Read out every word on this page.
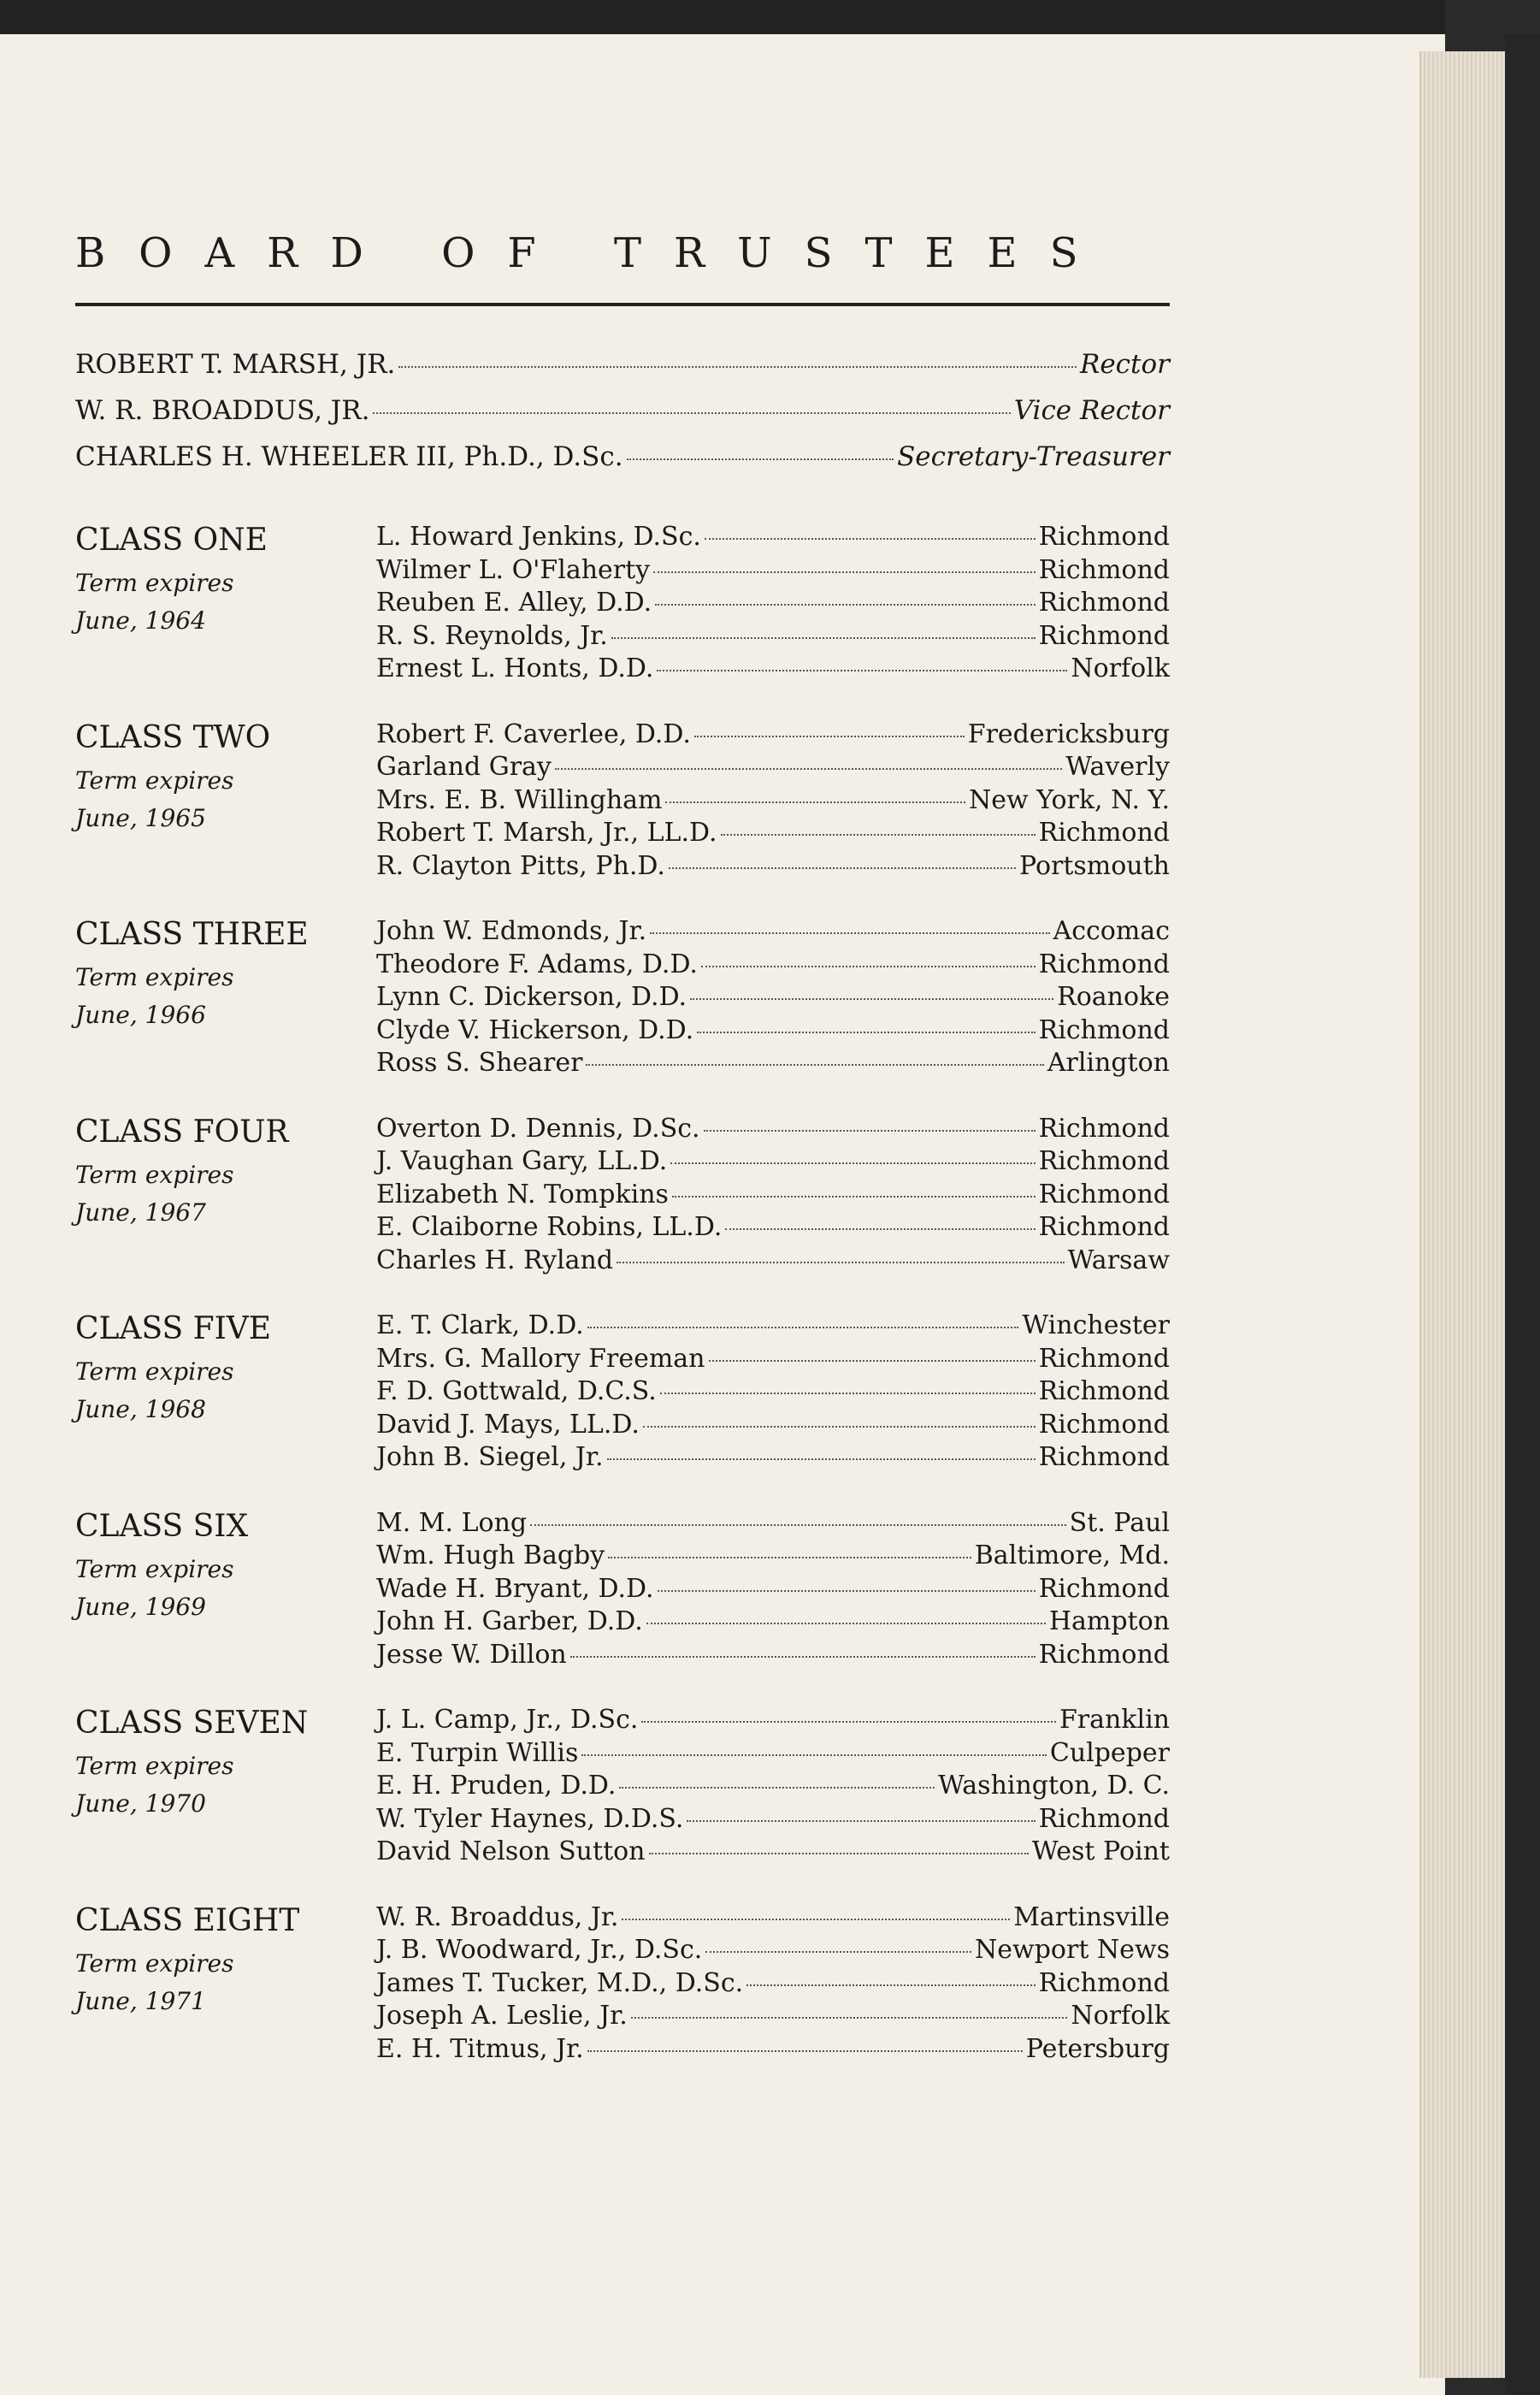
BOARD OF TRUSTEES
ROBERT T. MARSH, JR.	Rector
W. R. BROADDUS, JR.	Vice Rector
CHARLES H. WHEELER III, Ph.D., D.Sc.	Secretary-Treasurer
CLASS ONE
Term expires
June, 1964
L. Howard Jenkins, D.Sc.	Richmond
Wilmer L. O'Flaherty	Richmond
Reuben E. Alley, D.D.	Richmond
R. S. Reynolds, Jr.	Richmond
Ernest L. Honts, D.D.	Norfolk
CLASS TWO
Term expires
June, 1965
Robert F. Caverlee, D.D.	Fredericksburg
Garland Gray	Waverly
Mrs. E. B. Willingham	New York, N. Y.
Robert T. Marsh, Jr., LL.D.	Richmond
R. Clayton Pitts, Ph.D.	Portsmouth
CLASS THREE
Term expires
June, 1966
John W. Edmonds, Jr.	Accomac
Theodore F. Adams, D.D.	Richmond
Lynn C. Dickerson, D.D.	Roanoke
Clyde V. Hickerson, D.D.	Richmond
Ross S. Shearer	Arlington
CLASS FOUR
Term expires
June, 1967
Overton D. Dennis, D.Sc.	Richmond
J. Vaughan Gary, LL.D.	Richmond
Elizabeth N. Tompkins	Richmond
E. Claiborne Robins, LL.D.	Richmond
Charles H. Ryland	Warsaw
CLASS FIVE
Term expires
June, 1968
E. T. Clark, D.D.	Winchester
Mrs. G. Mallory Freeman	Richmond
F. D. Gottwald, D.C.S.	Richmond
David J. Mays, LL.D.	Richmond
John B. Siegel, Jr.	Richmond
CLASS SIX
Term expires
June, 1969
M. M. Long	St. Paul
Wm. Hugh Bagby	Baltimore, Md.
Wade H. Bryant, D.D.	Richmond
John H. Garber, D.D.	Hampton
Jesse W. Dillon	Richmond
CLASS SEVEN
Term expires
June, 1970
J. L. Camp, Jr., D.Sc.	Franklin
E. Turpin Willis	Culpeper
E. H. Pruden, D.D.	Washington, D. C.
W. Tyler Haynes, D.D.S.	Richmond
David Nelson Sutton	West Point
CLASS EIGHT
Term expires
June, 1971
W. R. Broaddus, Jr.	Martinsville
J. B. Woodward, Jr., D.Sc.	Newport News
James T. Tucker, M.D., D.Sc.	Richmond
Joseph A. Leslie, Jr.	Norfolk
E. H. Titmus, Jr.	Petersburg
